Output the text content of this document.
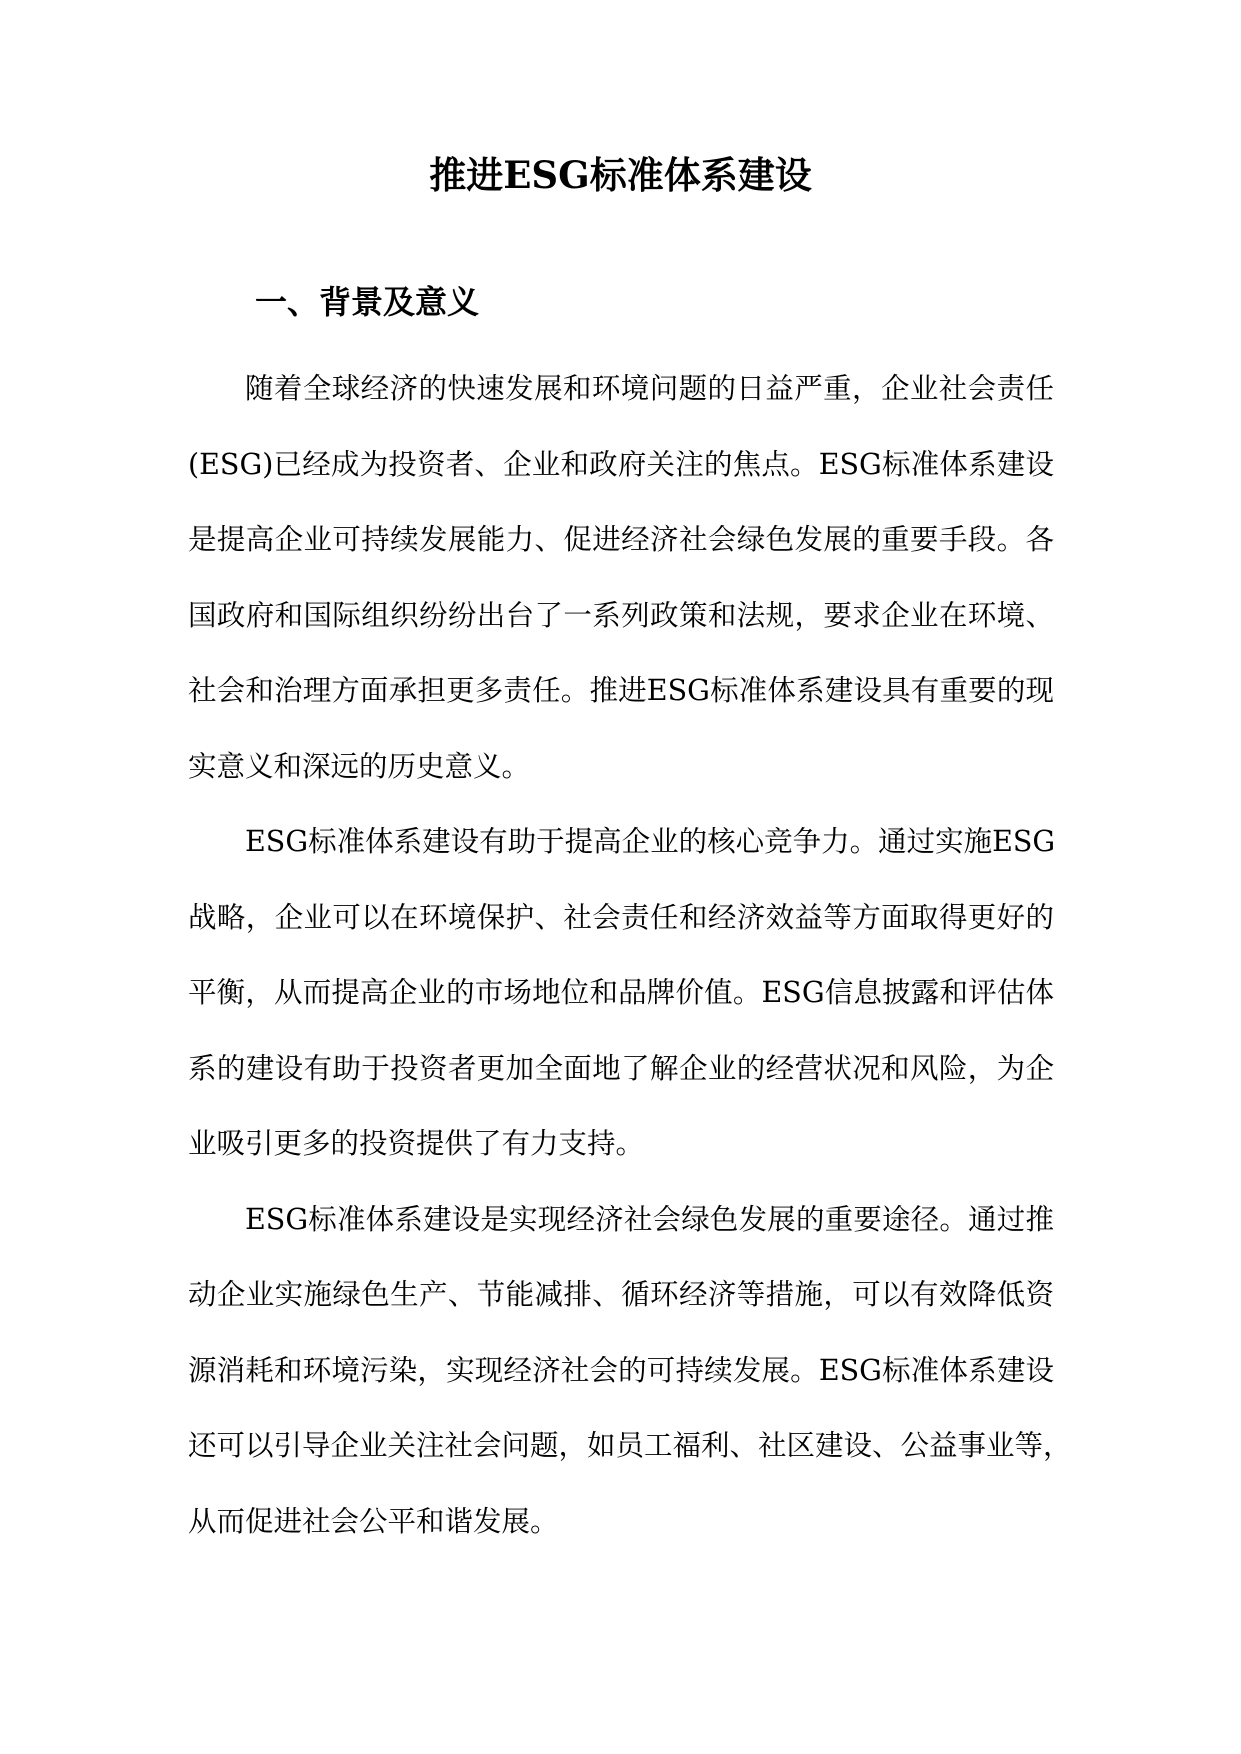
推进ESG标准体系建设
一、背景及意义
随着全球经济的快速发展和环境问题的日益严重，企业社会责任
(ESG)已经成为投资者、企业和政府关注的焦点。ESG标准体系建设
是提高企业可持续发展能力、促进经济社会绿色发展的重要手段。各
国政府和国际组织纷纷出台了一系列政策和法规，要求企业在环境、
社会和治理方面承担更多责任。推进ESG标准体系建设具有重要的现
实意义和深远的历史意义。
ESG标准体系建设有助于提高企业的核心竞争力。通过实施ESG
战略，企业可以在环境保护、社会责任和经济效益等方面取得更好的
平衡，从而提高企业的市场地位和品牌价值。ESG信息披露和评估体
系的建设有助于投资者更加全面地了解企业的经营状况和风险，为企
业吸引更多的投资提供了有力支持。
ESG标准体系建设是实现经济社会绿色发展的重要途径。通过推
动企业实施绿色生产、节能减排、循环经济等措施，可以有效降低资
源消耗和环境污染，实现经济社会的可持续发展。ESG标准体系建设
还可以引导企业关注社会问题，如员工福利、社区建设、公益事业等，
从而促进社会公平和谐发展。
